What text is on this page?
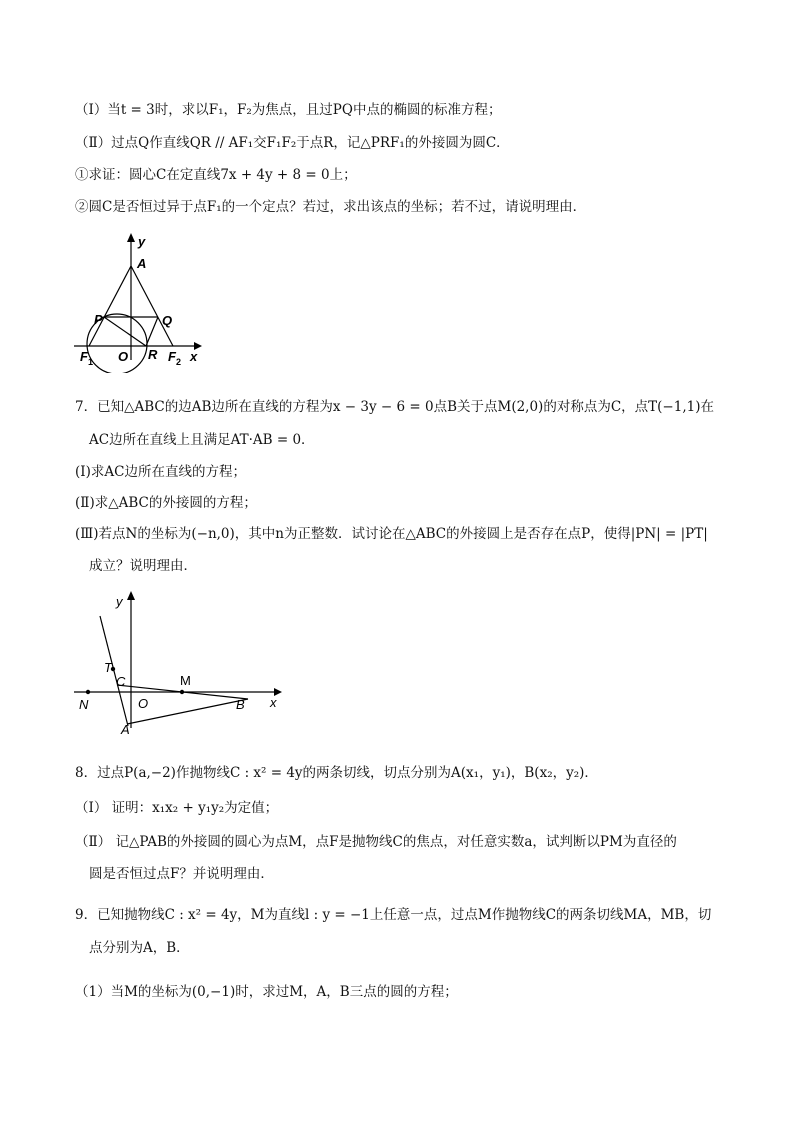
（Ⅰ）当t = 3时，求以F₁，F₂为焦点，且过PQ中点的椭圆的标准方程；
（Ⅱ）过点Q作直线QR // AF₁交F₁F₂于点R，记△PRF₁的外接圆为圆C．
①求证：圆心C在定直线7x + 4y + 8 = 0上；
②圆C是否恒过异于点F₁的一个定点？若过，求出该点的坐标；若不过，请说明理由．
y
A
P	Q
F 1 O R F 2 x
7．已知△ABC的边AB边所在直线的方程为x − 3y − 6 = 0点B关于点M(2,0)的对称点为C，点T(−1,1)在
AC边所在直线上且满足AT·AB = 0．
(Ⅰ)求AC边所在直线的方程；
(Ⅱ)求△ABC的外接圆的方程；
(Ⅲ)若点N的坐标为(−n,0)，其中n为正整数．试讨论在△ABC的外接圆上是否存在点P，使得|PN| = |PT|
成立？说明理由．
y
T
C	M
N	O	B x
A
8．过点P(a,−2)作抛物线C : x² = 4y的两条切线，切点分别为A(x₁，y₁)，B(x₂，y₂)．
（Ⅰ） 证明：x₁x₂ + y₁y₂为定值；
（Ⅱ） 记△PAB的外接圆的圆心为点M，点F是抛物线C的焦点，对任意实数a，试判断以PM为直径的
圆是否恒过点F？并说明理由．
9．已知抛物线C : x² = 4y，M为直线l : y = −1上任意一点，过点M作抛物线C的两条切线MA，MB，切
点分别为A，B．
（1）当M的坐标为(0,−1)时，求过M，A，B三点的圆的方程；
